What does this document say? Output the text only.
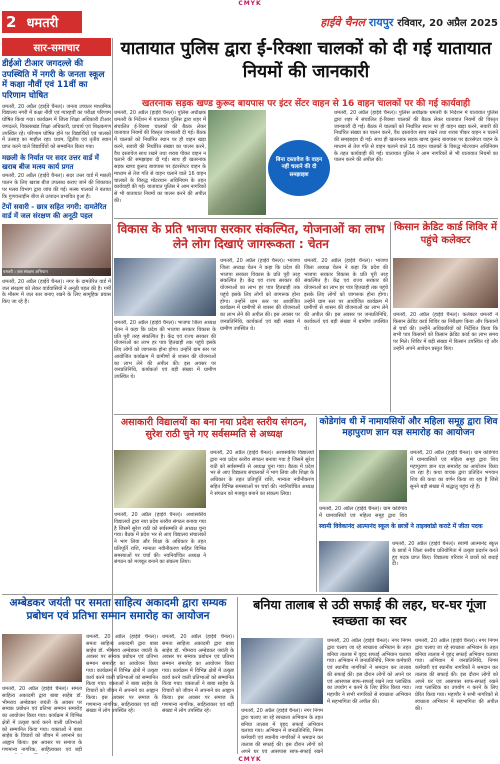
CMYK
2 धमतरी	हाईवे चैनल रायपुर रविवार, 20 अप्रैल 2025
सार-समाचार
डीईओ टीआर जगदल्ले की उपस्थिति में नगरी के जनता स्कूल में कक्षा नौवीं एवं 11वीं का परिणाम घोषित
धमतरी, 20 अप्रैल (हाईवे चैनल)। जनता उच्चतर माध्यमिक विद्यालय नगरी में कक्षा नौवीं एवं ग्यारहवीं का परीक्षा परिणाम घोषित किया गया। कार्यक्रम में जिला शिक्षा अधिकारी टीआर जगदल्ले, विकासखंड शिक्षा अधिकारी, प्राचार्य एवं शिक्षकगण उपस्थित रहे। परिणाम घोषित होने पर विद्यार्थियों एवं पालकों में उत्साह का माहौल रहा। प्रथम, द्वितीय एवं तृतीय स्थान प्राप्त करने वाले विद्यार्थियों को सम्मानित किया गया।
मछली के निर्यात पर सदर उत्तर वार्ड में खराब बीज मत्स्य कार्य प्रगत
धमतरी, 20 अप्रैल (हाईवे चैनल)। सदर उत्तर वार्ड में मछली पालन के लिए खराब बीज उपलब्ध कराए जाने की शिकायत पर मत्स्य विभाग द्वारा जांच की गई। मत्स्य पालकों ने बताया कि गुणवत्ताहीन बीज से उत्पादन प्रभावित हुआ है।
टेंपों सवारी - छात्र सहित नगरी: दामतेरित वार्ड में जल संरक्षण की अनूठी पहल
धमतरी । जल संरक्षण अभियान
धमतरी, 20 अप्रैल (हाईवे चैनल)। नगर के दामतेरित वार्ड में जल संरक्षण को लेकर वार्डवासियों ने अनूठी पहल की है। गर्मी के मौसम में जल स्तर बनाए रखने के लिए सामूहिक प्रयास किए जा रहे हैं।
यातायात पुलिस द्वारा ई-रिक्शा चालकों को दी गई यातायात नियमों की जानकारी
खतरनाक सड़क खण्ड कुरूद बायपास पर इंटर सेंटर वाहन से 16 वाहन चालकों पर की गई कार्यवाही
धमतरी, 20 अप्रैल (हाईवे चैनल)। पुलिस अधीक्षक धमतरी के निर्देशन में यातायात पुलिस द्वारा शहर में संचालित ई-रिक्शा चालकों की बैठक लेकर यातायात नियमों की विस्तृत जानकारी दी गई। बैठक में चालकों को निर्धारित स्थान पर ही वाहन खड़ा करने, सवारी की निर्धारित संख्या का पालन करने, वैध दस्तावेज साथ रखने तथा शराब पीकर वाहन न चलाने की समझाइश दी गई। साथ ही खतरनाक सड़क खण्ड कुरूद बायपास पर इंटरसेप्टर वाहन के माध्यम से तेज गति से वाहन चलाने वाले 16 वाहन चालकों के विरुद्ध मोटरयान अधिनियम के तहत कार्यवाही की गई। यातायात पुलिस ने आम नागरिकों से भी यातायात नियमों का पालन करने की अपील की।
बिना दस्तावेज के वाहन नहीं चलाने की दी समझाइश
धमतरी, 20 अप्रैल (हाईवे चैनल)। पुलिस अधीक्षक धमतरी के निर्देशन में यातायात पुलिस द्वारा शहर में संचालित ई-रिक्शा चालकों की बैठक लेकर यातायात नियमों की विस्तृत जानकारी दी गई। बैठक में चालकों को निर्धारित स्थान पर ही वाहन खड़ा करने, सवारी की निर्धारित संख्या का पालन करने, वैध दस्तावेज साथ रखने तथा शराब पीकर वाहन न चलाने की समझाइश दी गई। साथ ही खतरनाक सड़क खण्ड कुरूद बायपास पर इंटरसेप्टर वाहन के माध्यम से तेज गति से वाहन चलाने वाले 16 वाहन चालकों के विरुद्ध मोटरयान अधिनियम के तहत कार्यवाही की गई। यातायात पुलिस ने आम नागरिकों से भी यातायात नियमों का पालन करने की अपील की।
विकास के प्रति भाजपा सरकार संकल्पित, योजनाओं का लाभ लेने लोग दिखाएं जागरूकता : चेतन
धमतरी, 20 अप्रैल (हाईवे चैनल)। भाजपा जिला अध्यक्ष चेतन ने कहा कि प्रदेश की भाजपा सरकार विकास के प्रति पूरी तरह संकल्पित है। केंद्र एवं राज्य सरकार की योजनाओं का लाभ हर पात्र हितग्राही तक पहुंचे इसके लिए लोगों को जागरूक होना होगा। उन्होंने ग्राम स्तर पर आयोजित कार्यक्रम में ग्रामीणों से शासन की योजनाओं का लाभ लेने की अपील की। इस अवसर पर जनप्रतिनिधि, कार्यकर्ता एवं बड़ी संख्या में ग्रामीण उपस्थित थे।
धमतरी, 20 अप्रैल (हाईवे चैनल)। भाजपा जिला अध्यक्ष चेतन ने कहा कि प्रदेश की भाजपा सरकार विकास के प्रति पूरी तरह संकल्पित है। केंद्र एवं राज्य सरकार की योजनाओं का लाभ हर पात्र हितग्राही तक पहुंचे इसके लिए लोगों को जागरूक होना होगा। उन्होंने ग्राम स्तर पर आयोजित कार्यक्रम में ग्रामीणों से शासन की योजनाओं का लाभ लेने की अपील की। इस अवसर पर जनप्रतिनिधि, कार्यकर्ता एवं बड़ी संख्या में ग्रामीण उपस्थित थे।
धमतरी, 20 अप्रैल (हाईवे चैनल)। भाजपा जिला अध्यक्ष चेतन ने कहा कि प्रदेश की भाजपा सरकार विकास के प्रति पूरी तरह संकल्पित है। केंद्र एवं राज्य सरकार की योजनाओं का लाभ हर पात्र हितग्राही तक पहुंचे इसके लिए लोगों को जागरूक होना होगा। उन्होंने ग्राम स्तर पर आयोजित कार्यक्रम में ग्रामीणों से शासन की योजनाओं का लाभ लेने की अपील की। इस अवसर पर जनप्रतिनिधि, कार्यकर्ता एवं बड़ी संख्या में ग्रामीण उपस्थित थे।
किसान क्रेडिट कार्ड शिविर में पहुंचे कलेक्टर
धमतरी, 20 अप्रैल (हाईवे चैनल)। कलेक्टर धमतरी ने किसान क्रेडिट कार्ड शिविर का निरीक्षण किया और किसानों से चर्चा की। उन्होंने अधिकारियों को निर्देशित किया कि सभी पात्र किसानों को किसान क्रेडिट कार्ड का लाभ समय पर मिले। शिविर में बड़ी संख्या में किसान उपस्थित रहे और उन्होंने अपने आवेदन प्रस्तुत किए।
असाकारी विद्यालयों का बना नया प्रदेश स्तरीय संगठन, सुरेश राठी चुने गए सर्वसम्मति से अध्यक्ष
धमतरी, 20 अप्रैल (हाईवे चैनल)। अशासकीय विद्यालयों द्वारा नया प्रदेश स्तरीय संगठन बनाया गया है जिसमें सुरेश राठी को सर्वसम्मति से अध्यक्ष चुना गया। बैठक में प्रदेश भर से आए विद्यालय संचालकों ने भाग लिया और शिक्षा के अधिकार के तहत प्रतिपूर्ति राशि, मान्यता नवीनीकरण सहित विभिन्न समस्याओं पर चर्चा की। नवनिर्वाचित अध्यक्ष ने संगठन को मजबूत बनाने का संकल्प लिया।
धमतरी, 20 अप्रैल (हाईवे चैनल)। अशासकीय विद्यालयों द्वारा नया प्रदेश स्तरीय संगठन बनाया गया है जिसमें सुरेश राठी को सर्वसम्मति से अध्यक्ष चुना गया। बैठक में प्रदेश भर से आए विद्यालय संचालकों ने भाग लिया और शिक्षा के अधिकार के तहत प्रतिपूर्ति राशि, मान्यता नवीनीकरण सहित विभिन्न समस्याओं पर चर्चा की। नवनिर्वाचित अध्यक्ष ने संगठन को मजबूत बनाने का संकल्प लिया।
कोडेगांव धी में नामायसियों और महिला समूह द्वारा शिव महापुराण ज्ञान यज्ञ समारोह का आयोजन
धमतरी, 20 अप्रैल (हाईवे चैनल)। ग्राम कोडेगांव में ग्रामवासियों एवं महिला समूह द्वारा शिव महापुराण ज्ञान यज्ञ समारोह का आयोजन किया जा रहा है। कथा वाचक द्वारा प्रतिदिन भगवान शिव की कथा का वर्णन किया जा रहा है जिसे सुनने बड़ी संख्या में श्रद्धालु पहुंच रहे हैं।
धमतरी, 20 अप्रैल (हाईवे चैनल)। ग्राम कोडेगांव में ग्रामवासियों एवं महिला समूह द्वारा शिव
स्वामी विवेकानंद आत्मानंद स्कूल के छात्रों ने ताइक्वांडो कराटे में जीता पदक
धमतरी, 20 अप्रैल (हाईवे चैनल)। स्वामी आत्मानंद स्कूल के छात्रों ने जिला स्तरीय प्रतियोगिता में उत्कृष्ट प्रदर्शन करते हुए पदक प्राप्त किए। विद्यालय परिवार ने छात्रों को बधाई दी।
अम्बेडकर जयंती पर समता साहित्य अकादमी द्वारा सम्यक प्रबोधन एवं प्रतिभा सम्मान समारोह का आयोजन
धमतरी, 20 अप्रैल (हाईवे चैनल)। समता साहित्य अकादमी द्वारा बाबा साहेब डॉ. भीमराव अम्बेडकर जयंती के अवसर पर सम्यक प्रबोधन एवं प्रतिभा सम्मान समारोह का आयोजन किया गया। कार्यक्रम में विभिन्न क्षेत्रों में उत्कृष्ट कार्य करने वाली प्रतिभाओं को सम्मानित किया गया। वक्ताओं ने बाबा साहेब के विचारों को जीवन में अपनाने का आह्वान किया। इस अवसर पर समाज के गणमान्य नागरिक, साहित्यकार एवं बड़ी
धमतरी, 20 अप्रैल (हाईवे चैनल)। समता साहित्य अकादमी द्वारा बाबा साहेब डॉ. भीमराव अम्बेडकर जयंती के अवसर पर सम्यक प्रबोधन एवं प्रतिभा सम्मान समारोह का आयोजन किया गया। कार्यक्रम में विभिन्न क्षेत्रों में उत्कृष्ट कार्य करने वाली प्रतिभाओं को सम्मानित किया गया। वक्ताओं ने बाबा साहेब के विचारों को जीवन में अपनाने का आह्वान किया। इस अवसर पर समाज के गणमान्य नागरिक, साहित्यकार एवं बड़ी संख्या में लोग उपस्थित रहे।
धमतरी, 20 अप्रैल (हाईवे चैनल)। समता साहित्य अकादमी द्वारा बाबा साहेब डॉ. भीमराव अम्बेडकर जयंती के अवसर पर सम्यक प्रबोधन एवं प्रतिभा सम्मान समारोह का आयोजन किया गया। कार्यक्रम में विभिन्न क्षेत्रों में उत्कृष्ट कार्य करने वाली प्रतिभाओं को सम्मानित किया गया। वक्ताओं ने बाबा साहेब के विचारों को जीवन में अपनाने का आह्वान किया। इस अवसर पर समाज के गणमान्य नागरिक, साहित्यकार एवं बड़ी संख्या में लोग उपस्थित रहे।
बनिया तालाब से उठी सफाई की लहर, घर-घर गूंजा स्वच्छता का स्वर
धमतरी, 20 अप्रैल (हाईवे चैनल)। नगर निगम द्वारा चलाए जा रहे स्वच्छता अभियान के तहत बनिया तालाब में वृहद सफाई अभियान चलाया गया। अभियान में जनप्रतिनिधि, निगम कर्मचारी एवं स्थानीय नागरिकों ने श्रमदान कर तालाब की सफाई की। इस दौरान लोगों को अपने घर एवं आसपास साफ-सफाई रखने
धमतरी, 20 अप्रैल (हाईवे चैनल)। नगर निगम द्वारा चलाए जा रहे स्वच्छता अभियान के तहत बनिया तालाब में वृहद सफाई अभियान चलाया गया। अभियान में जनप्रतिनिधि, निगम कर्मचारी एवं स्थानीय नागरिकों ने श्रमदान कर तालाब की सफाई की। इस दौरान लोगों को अपने घर एवं आसपास साफ-सफाई रखने तथा प्लास्टिक का उपयोग न करने के लिए प्रेरित किया गया। महापौर ने सभी नागरिकों से स्वच्छता अभियान में सहभागिता की अपील की।
धमतरी, 20 अप्रैल (हाईवे चैनल)। नगर निगम द्वारा चलाए जा रहे स्वच्छता अभियान के तहत बनिया तालाब में वृहद सफाई अभियान चलाया गया। अभियान में जनप्रतिनिधि, निगम कर्मचारी एवं स्थानीय नागरिकों ने श्रमदान कर तालाब की सफाई की। इस दौरान लोगों को अपने घर एवं आसपास साफ-सफाई रखने तथा प्लास्टिक का उपयोग न करने के लिए प्रेरित किया गया। महापौर ने सभी नागरिकों से स्वच्छता अभियान में सहभागिता की अपील की।
CMYK
